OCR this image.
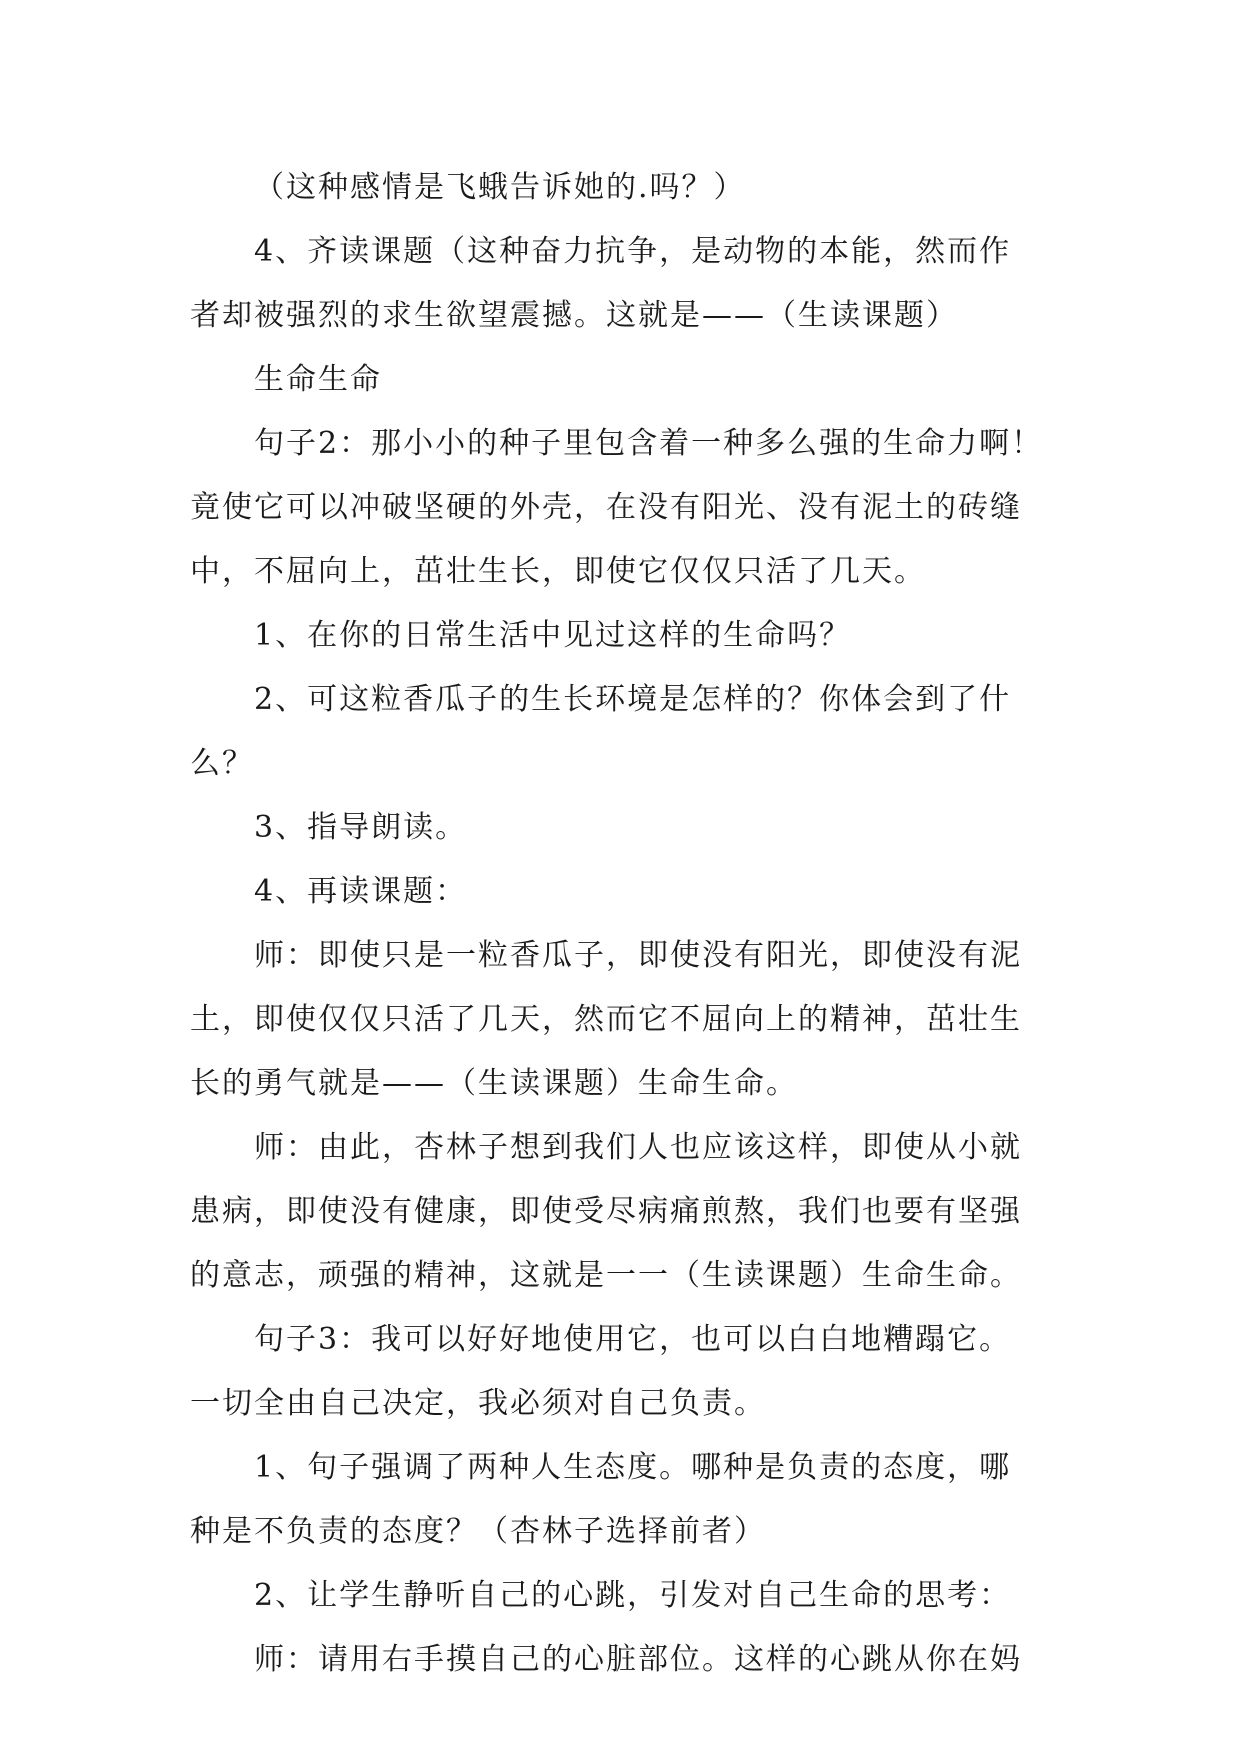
（这种感情是飞蛾告诉她的.吗？）
4、齐读课题（这种奋力抗争，是动物的本能，然而作
者却被强烈的求生欲望震撼。这就是——（生读课题）
生命生命
句子2：那小小的种子里包含着一种多么强的生命力啊！
竟使它可以冲破坚硬的外壳，在没有阳光、没有泥土的砖缝
中，不屈向上，茁壮生长，即使它仅仅只活了几天。
1、在你的日常生活中见过这样的生命吗？
2、可这粒香瓜子的生长环境是怎样的？你体会到了什
么？
3、指导朗读。
4、再读课题：
师：即使只是一粒香瓜子，即使没有阳光，即使没有泥
土，即使仅仅只活了几天，然而它不屈向上的精神，茁壮生
长的勇气就是——（生读课题）生命生命。
师：由此，杏林子想到我们人也应该这样，即使从小就
患病，即使没有健康，即使受尽病痛煎熬，我们也要有坚强
的意志，顽强的精神，这就是一一（生读课题）生命生命。
句子3：我可以好好地使用它，也可以白白地糟蹋它。
一切全由自己决定，我必须对自己负责。
1、句子强调了两种人生态度。哪种是负责的态度，哪
种是不负责的态度？（杏林子选择前者）
2、让学生静听自己的心跳，引发对自己生命的思考：
师：请用右手摸自己的心脏部位。这样的心跳从你在妈
